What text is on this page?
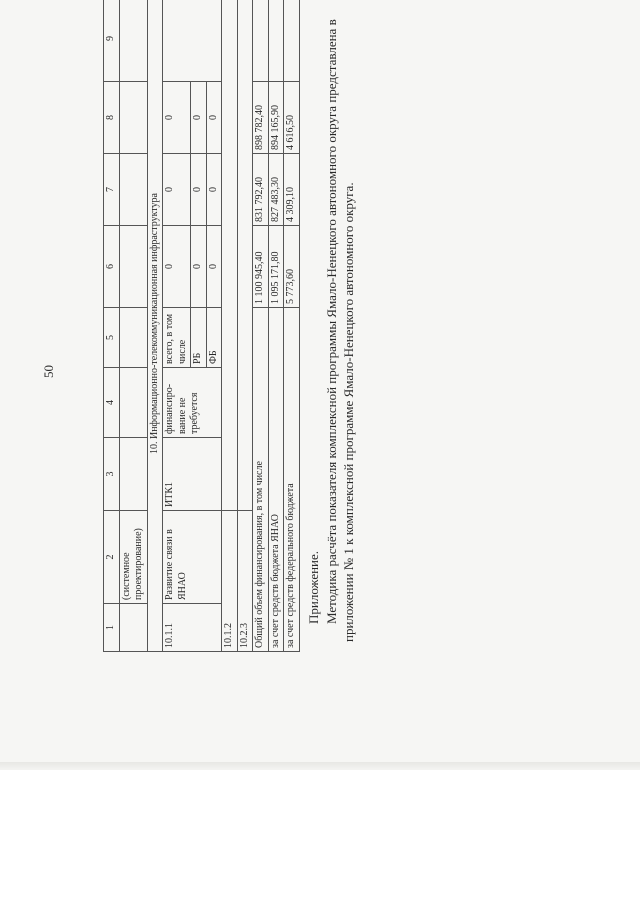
50
1	2	3	4	5	6	7	8	9
	(системное проектирование)							
10. Информационно-телекоммуникационная инфраструктура								
10.1.1	Развитие связи в ЯНАО	ИТК1	финансиро-вание не требуется	всего, в том числе	0	0	0	
				РБ	0	0	0	
				ФБ	0	0	0	
10.1.2								
10.2.3								
Общий объем финансирования, в том числе					1 100 945,40	831 792,40	898 782,40	
за счет средств бюджета ЯНАО					1 095 171,80	827 483,30	894 165,90	
за счет средств федерального бюджета					5 773,60	4 309,10	4 616,50	

Приложение. Методика расчёта показателя комплексной программы Ямало-Ненецкого автономного округа представлена в приложении № 1 к комплексной программе Ямало-Ненецкого автономного округа.
